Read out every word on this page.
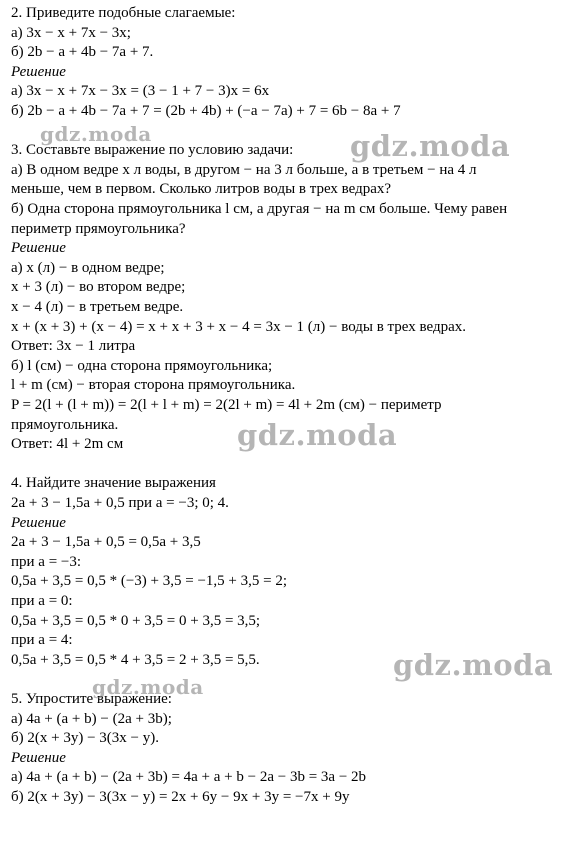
2. Приведите подобные слагаемые:
а) 3x − x + 7x − 3x;
б) 2b − a + 4b − 7a + 7.
Решение
а) 3x − x + 7x − 3x = (3 − 1 + 7 − 3)x = 6x
б) 2b − a + 4b − 7a + 7 = (2b + 4b) + (−a − 7a) + 7 = 6b − 8a + 7
3. Составьте выражение по условию задачи:
а) В одном ведре x л воды, в другом − на 3 л больше, а в третьем − на 4 л
меньше, чем в первом. Сколько литров воды в трех ведрах?
б) Одна сторона прямоугольника l см, а другая − на m см больше. Чему равен
периметр прямоугольника?
Решение
а) x (л) − в одном ведре;
x + 3 (л) − во втором ведре;
x − 4 (л) − в третьем ведре.
x + (x + 3) + (x − 4) = x + x + 3 + x − 4 = 3x − 1 (л) − воды в трех ведрах.
Ответ: 3x − 1 литра
б) l (см) − одна сторона прямоугольника;
l + m (см) − вторая сторона прямоугольника.
P = 2(l + (l + m)) = 2(l + l + m) = 2(2l + m) = 4l + 2m (см) − периметр
прямоугольника.
Ответ: 4l + 2m см
4. Найдите значение выражения
2a + 3 − 1,5a + 0,5 при a = −3; 0; 4.
Решение
2a + 3 − 1,5a + 0,5 = 0,5a + 3,5
при a = −3:
0,5a + 3,5 = 0,5 * (−3) + 3,5 = −1,5 + 3,5 = 2;
при a = 0:
0,5a + 3,5 = 0,5 * 0 + 3,5 = 0 + 3,5 = 3,5;
при a = 4:
0,5a + 3,5 = 0,5 * 4 + 3,5 = 2 + 3,5 = 5,5.
5. Упростите выражение:
а) 4a + (a + b) − (2a + 3b);
б) 2(x + 3y) − 3(3x − y).
Решение
а) 4a + (a + b) − (2a + 3b) = 4a + a + b − 2a − 3b = 3a − 2b
б) 2(x + 3y) − 3(3x − y) = 2x + 6y − 9x + 3y = −7x + 9y
gdz.moda	gdz.moda
gdz.moda
gdz.moda
gdz.moda
